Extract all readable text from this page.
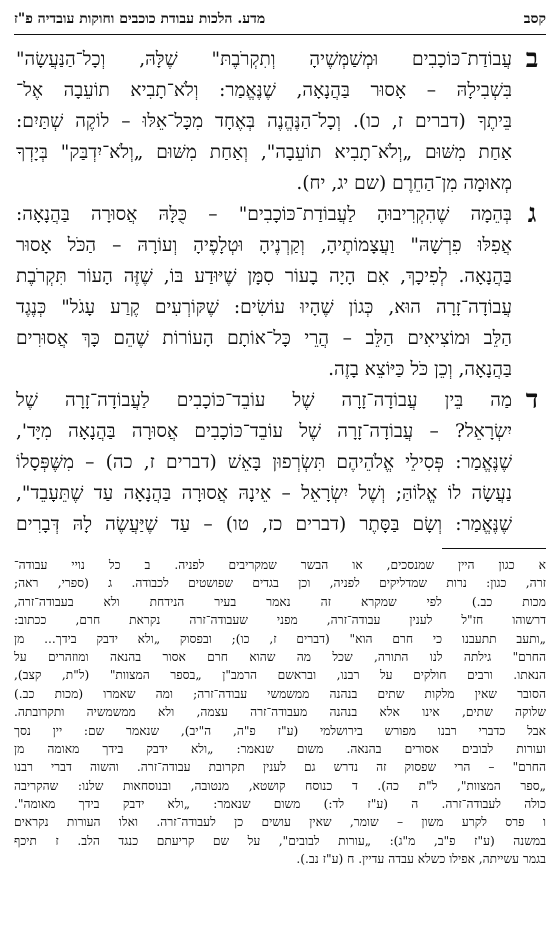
קסב
מדע. הלכות עבודת כוכבים וחוקות עובדיה פ"ז
ב
ג
ד
עֲבוֹדַת־כּוֹכָבִים וּמְשַׁמְּשֶׁיהָ וְתִקְרֹבֶתּ" שֶׁלָּהּ, וְכָל־הַנַּעֲשָׂה"
בִּשְׁבִילָהּ – אָסוּר בַּהֲנָאָה, שֶׁנֶּאֱמַר: וְלֹא־תָבִיא תוֹעֵבָה אֶל־
בֵּיתֶךָ (דברים ז, כו). וְכָל־הַנֶּהֱנֶה בְּאֶחָד מִכָּל־אֵלּוּ – לוֹקֶה שְׁתַּיִם:
אַחַת מִשּׁוּם „וְלֹא־תָבִיא תוֹעֵבָה", וְאַחַת מִשּׁוּם „וְלֹא־יִדְבַּק" בְּיָדְךָ
מְאוּמָה מִן־הַחֵרֶם (שם יג, יח).
בְּהֵמָה שֶׁהִקְרִיבוּהָ לַעֲבוֹדַת־כּוֹכָבִים" – כֻּלָּהּ אֲסוּרָה בַּהֲנָאָה:
אֲפִלּוּ פִרְשָׁהּ" וַעֲצָמוֹתֶיהָ, וְקַרְנֶיהָ וּטְלָפֶיהָ וְעוֹרָהּ – הַכֹּל אָסוּר
בַּהֲנָאָה. לְפִיכָךְ, אִם הָיָה בָעוֹר סִמָּן שֶׁיּוּדַע בּוֹ, שֶׁזֶּה הָעוֹר תִּקְרֹבֶת
עֲבוֹדָה־זָרָה הוּא, כְּגוֹן שֶׁהָיוּ עוֹשִׂים: שֶׁקּוֹרְעִים קֶרַע עָגֹל" כְּנֶגֶד
הַלֵּב וּמוֹצִיאִים הַלֵּב – הֲרֵי כָּל־אוֹתָם הָעוֹרוֹת שֶׁהֵם כָּךְ אֲסוּרִים
בַּהֲנָאָה, וְכֵן כֹּל כַּיּוֹצֵא בָזֶה.
מַה בֵּין עֲבוֹדָה־זָרָה שֶׁל עוֹבֵד־כּוֹכָבִים לַעֲבוֹדָה־זָרָה שֶׁל
יִשְׂרָאֵל? – עֲבוֹדָה־זָרָה שֶׁל עוֹבֵד־כּוֹכָבִים אֲסוּרָה בַּהֲנָאָה מִיָּד',
שֶׁנֶּאֱמַר: פְּסִילֵי אֱלֹהֵיהֶם תִּשְׂרְפוּן בָּאֵשׁ (דברים ז, כה) – מִשֶּׁפְּסָלוֹ
נַעֲשָׂה לוֹ אֱלוֹהַּ; וְשֶׁל יִשְׂרָאֵל – אֵינָהּ אֲסוּרָה בַּהֲנָאָה עַד שֶׁתֵּעָבֵד",
שֶׁנֶּאֱמַר: וְשָׂם בַּסָּתֶר (דברים כז, טו) – עַד שֶׁיַּעֲשֶׂה לָהּ דְּבָרִים
א כגון היין שמנסכים, או הבשר שמקריבים לפניה. ב כל נויי עבודה־
זרה, כגון: נרות שמדליקים לפניה, וכן בגדים שפושטים לכבודה. ג (ספרי, ראה;
מכות כב.) לפי שמקרא זה נאמר בעיר הנידחת ולא בעבודה־זרה,
דרשוהו חז"ל לענין עבודה־זרה, מפני שעבודה־זרה נקראת חרם, ככתוב:
„ותעב תתעבנו כי חרם הוא" (דברים ז, כו); ובפסוק „ולא ידבק בידך... מן
החרם" גילתה לנו התורה, שכל מה שהוא חרם אסור בהנאה ומוזהרים על
הנאתו. ורבים חולקים על רבנו, ובראשם הרמב"ן „בספר המצוות" (ל"ת, קצב),
הסובר שאין מלקות שתים בנהנה ממשמשי עבודה־זרה; ומה שאמרו (מכות כב.)
שלוקה שתים, אינו אלא בנהנה מעבודה־זרה עצמה, ולא ממשמשיה ותקרובתה.
אבל כדברי רבנו מפורש בירושלמי (ע"ז פ"ה, ה"יב), שנאמר שם: יין נסך
ועורות לבובים אסורים בהנאה. משום שנאמר: „ולא ידבק בידך מאומה מן
החרם" – הרי שפסוק זה נדרש גם לענין תקרובת עבודה־זרה. והשוה דברי רבנו
„ספר המצוות", ל"ת כה). ד כנוסח קושטא, מנטובה, ובנוסחאות שלנו: שהקריבה
כולה לעבודה־זרה. ה (ע"ז לד:) משום שנאמר: „ולא ידבק בידך מאומה".
ו פרס לקרע משון – שומר, שאין עושים כן לעבודה־זרה. ואלו העורות נקראים
במשנה (ע"ז פ"ב, מ"ג): „עורות לבובים", על שם קריעתם כנגד הלב. ז תיכף
בגמר עשייתה, אפילו כשלא עבדה עדיין. ח (ע"ז נב.).
